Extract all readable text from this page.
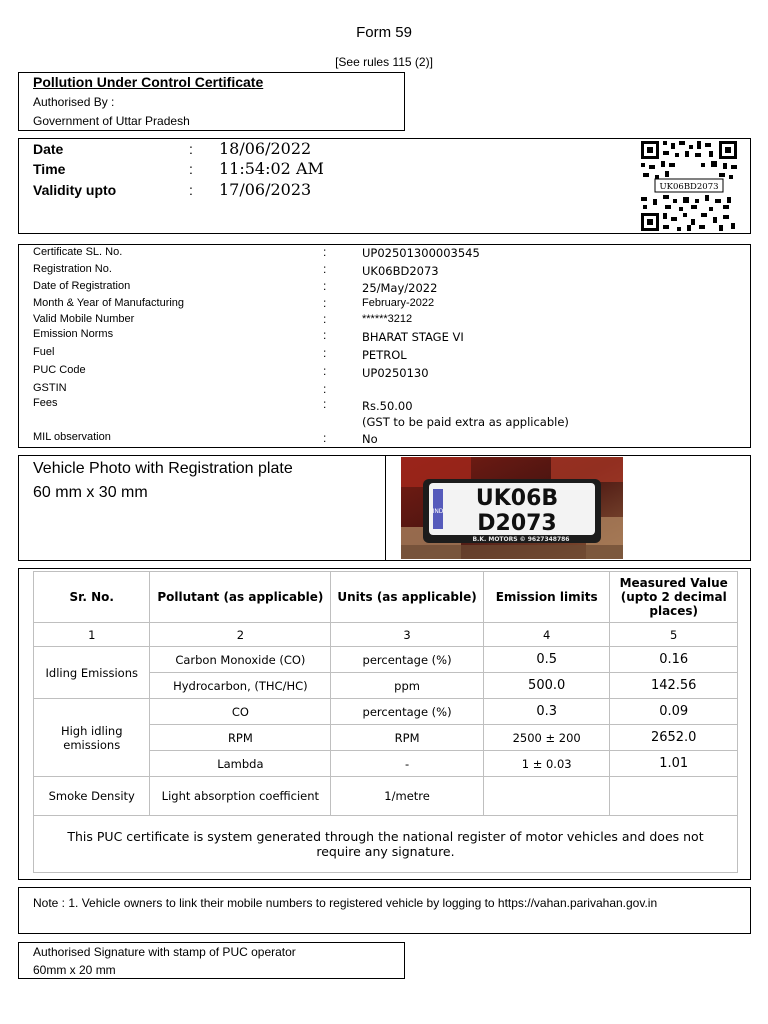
Form 59
[See rules 115 (2)]
Pollution Under Control Certificate
Authorised By :
Government of Uttar Pradesh
Date	: 18/06/2022
Time	: 11:54:02 AM
Validity upto	: 17/06/2023	UK06BD2073
Certificate SL. No.	:	UP02501300003545
Registration No.	:	UK06BD2073
Date of Registration	:	25/May/2022
Month & Year of Manufacturing	:	February-2022
Valid Mobile Number	:	******3212
Emission Norms	:	BHARAT STAGE VI
Fuel	:	PETROL
PUC Code	:	UP0250130
GSTIN	:
Fees	:	Rs.50.00
(GST to be paid extra as applicable)
MIL observation	:	No
Vehicle Photo with Registration plate
60 mm x 30 mm
IND
UK06B
D2073
B.K. MOTORS © 9627348786
Sr. No.	Pollutant (as applicable)	Units (as applicable)	Emission limits	Measured Value (upto 2 decimal places)
1	2	3	4	5
Idling Emissions	Carbon Monoxide (CO)	percentage (%)	0.5	0.16
	Hydrocarbon, (THC/HC)	ppm	500.0	142.56
High idling emissions	CO	percentage (%)	0.3	0.09
	RPM	RPM	2500 ± 200	2652.0
	Lambda	-	1 ± 0.03	1.01
Smoke Density	Light absorption coefficient	1/metre		
This PUC certificate is system generated through the national register of motor vehicles and does not require any signature.				
Note : 1. Vehicle owners to link their mobile numbers to registered vehicle by logging to https://vahan.parivahan.gov.in
Authorised Signature with stamp of PUC operator
60mm x 20 mm
